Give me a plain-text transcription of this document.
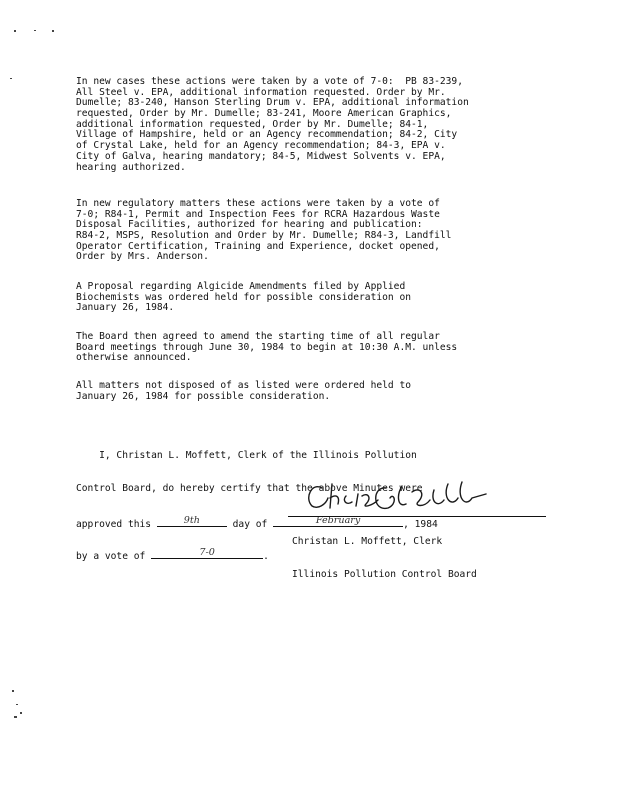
In new cases these actions were taken by a vote of 7-0:  PB 83-239,
All Steel v. EPA, additional information requested. Order by Mr.
Dumelle; 83-240, Hanson Sterling Drum v. EPA, additional information
requested, Order by Mr. Dumelle; 83-241, Moore American Graphics,
additional information requested, Order by Mr. Dumelle; 84-1,
Village of Hampshire, held or an Agency recommendation; 84-2, City
of Crystal Lake, held for an Agency recommendation; 84-3, EPA v.
City of Galva, hearing mandatory; 84-5, Midwest Solvents v. EPA,
hearing authorized.
In new regulatory matters these actions were taken by a vote of
7-0; R84-1, Permit and Inspection Fees for RCRA Hazardous Waste
Disposal Facilities, authorized for hearing and publication:
R84-2, MSPS, Resolution and Order by Mr. Dumelle; R84-3, Landfill
Operator Certification, Training and Experience, docket opened,
Order by Mrs. Anderson.
A Proposal regarding Algicide Amendments filed by Applied
Biochemists was ordered held for possible consideration on
January 26, 1984.
The Board then agreed to amend the starting time of all regular
Board meetings through June 30, 1984 to begin at 10:30 A.M. unless
otherwise announced.
All matters not disposed of as listed were ordered held to
January 26, 1984 for possible consideration.

I, Christan L. Moffett, Clerk of the Illinois Pollution

Control Board, do hereby certify that the above Minutes were

approved this	9th	day of	February	, 1984

by a vote of	7-0	.

Christan L. Moffett, Clerk

Illinois Pollution Control Board
